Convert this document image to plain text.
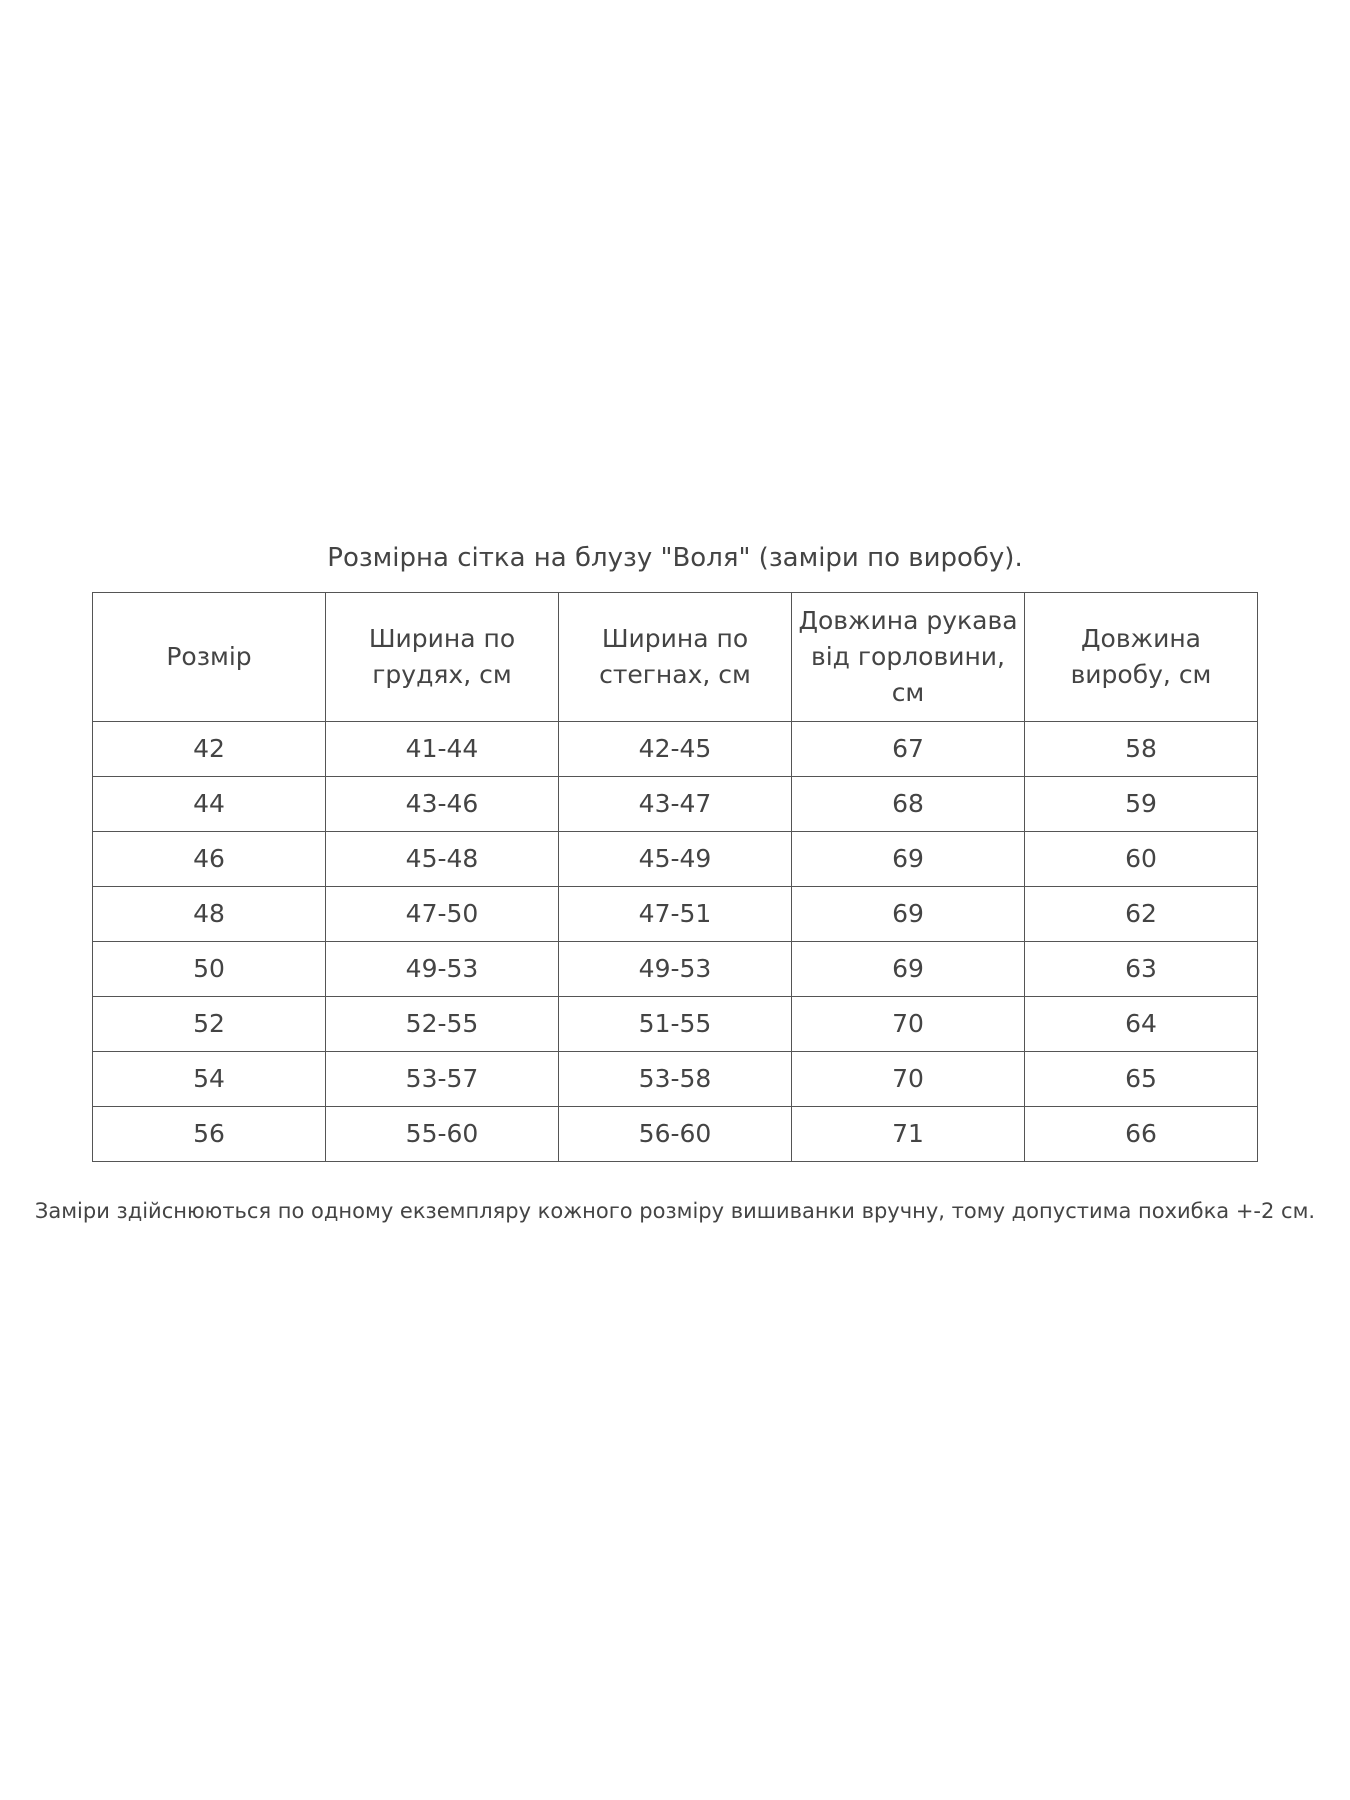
Розмірна сітка на блузу "Воля" (заміри по виробу).
Розмір	Ширина по грудях, см	Ширина по стегнах, см	Довжина рукава від горловини, см	Довжина виробу, см
42	41-44	42-45	67	58
44	43-46	43-47	68	59
46	45-48	45-49	69	60
48	47-50	47-51	69	62
50	49-53	49-53	69	63
52	52-55	51-55	70	64
54	53-57	53-58	70	65
56	55-60	56-60	71	66
Заміри здійснюються по одному екземпляру кожного розміру вишиванки вручну, тому допустима похибка +-2 см.
